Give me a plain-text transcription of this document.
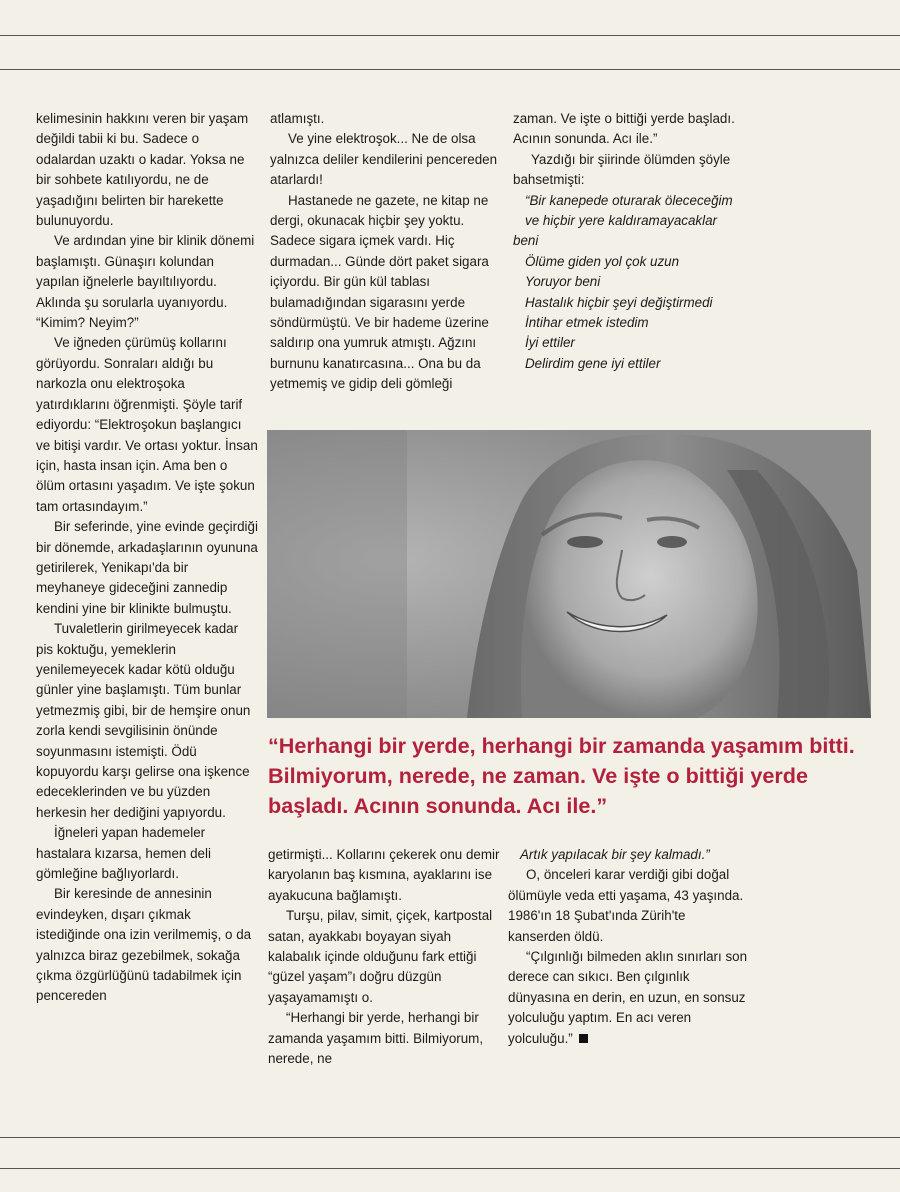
kelimesinin hakkını veren bir yaşam değildi tabii ki bu. Sadece o odalardan uzaktı o kadar. Yoksa ne bir sohbete katılıyordu, ne de yaşadığını belirten bir harekette bulunuyordu.

Ve ardından yine bir klinik dönemi başlamıştı. Günaşırı kolundan yapılan iğnelerle bayıltılıyordu. Aklında şu sorularla uyanıyordu. “Kimim? Neyim?”

Ve iğneden çürümüş kollarını görüyordu. Sonraları aldığı bu narkozla onu elektroşoka yatırdıklarını öğrenmişti. Şöyle tarif ediyordu: “Elektroşokun başlangıcı ve bitişi vardır. Ve ortası yoktur. İnsan için, hasta insan için. Ama ben o ölüm ortasını yaşadım. Ve işte şokun tam ortasındayım.”

Bir seferinde, yine evinde geçirdiği bir dönemde, arkadaşlarının oyununa getirilerek, Yenikapı'da bir meyhaneye gideceğini zannedip kendini yine bir klinikte bulmuştu.

Tuvaletlerin girilmeyecek kadar pis koktuğu, yemeklerin yenilemeyecek kadar kötü olduğu günler yine başlamıştı. Tüm bunlar yetmezmiş gibi, bir de hemşire onun zorla kendi sevgilisinin önünde soyunmasını istemişti. Ödü kopuyordu karşı gelirse ona işkence edeceklerinden ve bu yüzden herkesin her dediğini yapıyordu.

İğneleri yapan hademeler hastalara kızarsa, hemen deli gömleğine bağlıyorlardı.

Bir keresinde de annesinin evindeyken, dışarı çıkmak istediğinde ona izin verilmemiş, o da yalnızca biraz gezebilmek, sokağa çıkma özgürlüğünü tadabilmek için pencereden

atlamıştı.

Ve yine elektroşok... Ne de olsa yalnızca deliler kendilerini pencereden atarlardı!

Hastanede ne gazete, ne kitap ne dergi, okunacak hiçbir şey yoktu. Sadece sigara içmek vardı. Hiç durmadan... Günde dört paket sigara içiyordu. Bir gün kül tablası bulamadığından sigarasını yerde söndürmüştü. Ve bir hademe üzerine saldırıp ona yumruk atmıştı. Ağzını burnunu kanatırcasına... Ona bu da yetmemiş ve gidip deli gömleği

zaman. Ve işte o bittiği yerde başladı. Acının sonunda. Acı ile.”

Yazdığı bir şiirinde ölümden şöyle bahsetmişti:

“Bir kanepede oturarak ölececeğim

ve hiçbir yere kaldıramayacaklar beni

Ölüme giden yol çok uzun

Yoruyor beni

Hastalık hiçbir şeyi değiştirmedi

İntihar etmek istedim

İyi ettiler

Delirdim gene iyi ettiler

“Herhangi bir yerde, herhangi bir zamanda yaşamım bitti. Bilmiyorum, nerede, ne zaman. Ve işte o bittiği yerde başladı. Acının sonunda. Acı ile.”

getirmişti... Kollarını çekerek onu demir karyolanın baş kısmına, ayaklarını ise ayakucuna bağlamıştı.

Turşu, pilav, simit, çiçek, kartpostal satan, ayakkabı boyayan siyah kalabalık içinde olduğunu fark ettiği “güzel yaşam”ı doğru düzgün yaşayamamıştı o.

“Herhangi bir yerde, herhangi bir zamanda yaşamım bitti. Bilmiyorum, nerede, ne

Artık yapılacak bir şey kalmadı.”

O, önceleri karar verdiği gibi doğal ölümüyle veda etti yaşama, 43 yaşında. 1986'ın 18 Şubat'ında Zürih'te kanserden öldü.

“Çılgınlığı bilmeden aklın sınırları son derece can sıkıcı. Ben çılgınlık dünyasına en derin, en uzun, en sonsuz yolculuğu yaptım. En acı veren yolculuğu.”
